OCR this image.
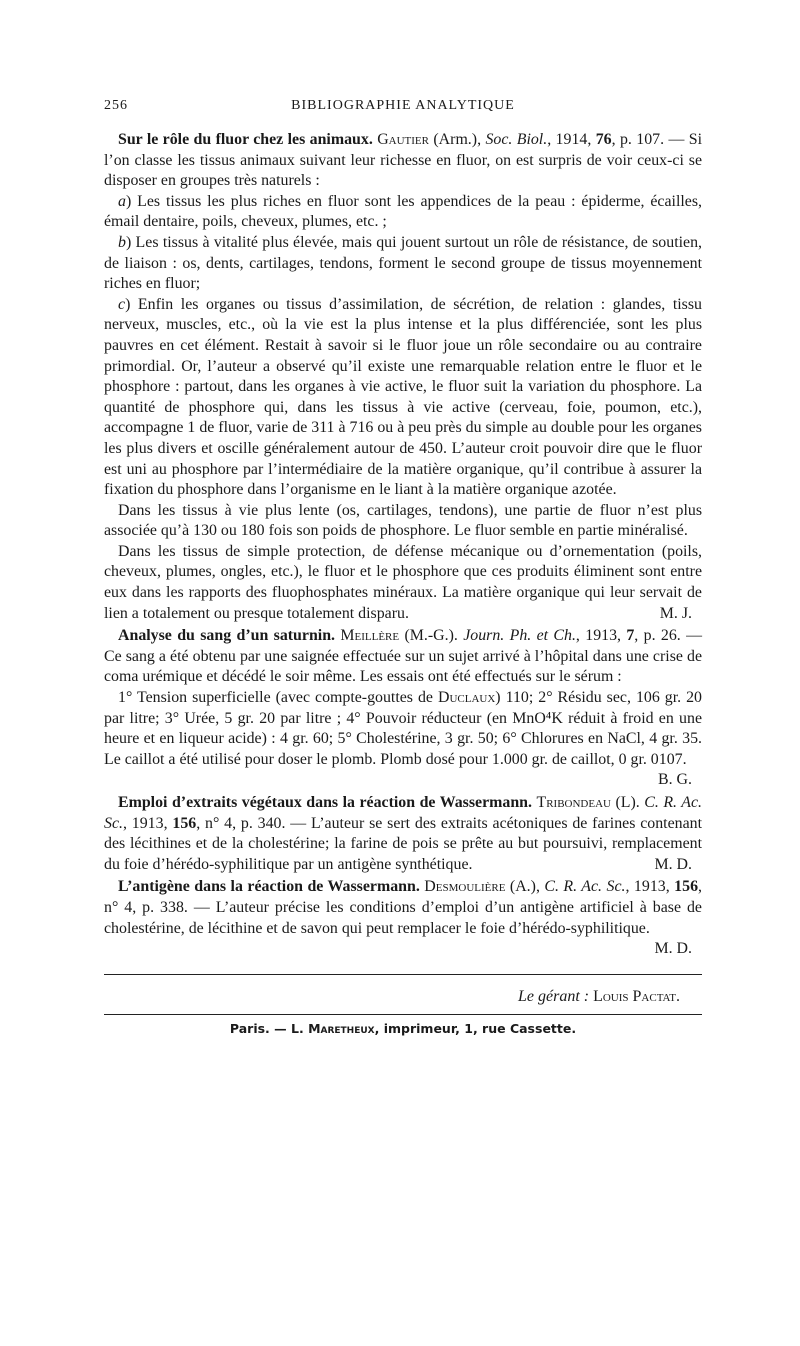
256	BIBLIOGRAPHIE ANALYTIQUE

Sur le rôle du fluor chez les animaux. Gautier (Arm.), Soc. Biol., 1914, 76, p. 107. — Si l’on classe les tissus animaux suivant leur richesse en fluor, on est surpris de voir ceux-ci se disposer en groupes très naturels :

a) Les tissus les plus riches en fluor sont les appendices de la peau : épiderme, écailles, émail dentaire, poils, cheveux, plumes, etc. ;

b) Les tissus à vitalité plus élevée, mais qui jouent surtout un rôle de résistance, de soutien, de liaison : os, dents, cartilages, tendons, forment le second groupe de tissus moyennement riches en fluor;

c) Enfin les organes ou tissus d’assimilation, de sécrétion, de relation : glandes, tissu nerveux, muscles, etc., où la vie est la plus intense et la plus différenciée, sont les plus pauvres en cet élément. Restait à savoir si le fluor joue un rôle secondaire ou au contraire primordial. Or, l’auteur a observé qu’il existe une remarquable relation entre le fluor et le phosphore : partout, dans les organes à vie active, le fluor suit la variation du phosphore. La quantité de phosphore qui, dans les tissus à vie active (cerveau, foie, poumon, etc.), accompagne 1 de fluor, varie de 311 à 716 ou à peu près du simple au double pour les organes les plus divers et oscille généralement autour de 450. L’auteur croit pouvoir dire que le fluor est uni au phosphore par l’intermédiaire de la matière organique, qu’il contribue à assurer la fixation du phosphore dans l’organisme en le liant à la matière organique azotée.

Dans les tissus à vie plus lente (os, cartilages, tendons), une partie de fluor n’est plus associée qu’à 130 ou 180 fois son poids de phosphore. Le fluor semble en partie minéralisé.

Dans les tissus de simple protection, de défense mécanique ou d’ornementation (poils, cheveux, plumes, ongles, etc.), le fluor et le phosphore que ces produits éliminent sont entre eux dans les rapports des fluophosphates minéraux. La matière organique qui leur servait de lien a totalement ou presque totalement disparu.	M. J.

Analyse du sang d’un saturnin. Meillère (M.-G.). Journ. Ph. et Ch., 1913, 7, p. 26. — Ce sang a été obtenu par une saignée effectuée sur un sujet arrivé à l’hôpital dans une crise de coma urémique et décédé le soir même. Les essais ont été effectués sur le sérum :

1° Tension superficielle (avec compte-gouttes de Duclaux) 110; 2° Résidu sec, 106 gr. 20 par litre; 3° Urée, 5 gr. 20 par litre ; 4° Pouvoir réducteur (en MnO⁴K réduit à froid en une heure et en liqueur acide) : 4 gr. 60; 5° Cholestérine, 3 gr. 50; 6° Chlorures en NaCl, 4 gr. 35. Le caillot a été utilisé pour doser le plomb. Plomb dosé pour 1.000 gr. de caillot, 0 gr. 0107.
B. G.

Emploi d’extraits végétaux dans la réaction de Wassermann. Tribondeau (L). C. R. Ac. Sc., 1913, 156, n° 4, p. 340. — L’auteur se sert des extraits acétoniques de farines contenant des lécithines et de la cholestérine; la farine de pois se prête au but poursuivi, remplacement du foie d’hérédo-syphilitique par un antigène synthétique.	M. D.

L’antigène dans la réaction de Wassermann. Desmoulière (A.), C. R. Ac. Sc., 1913, 156, n° 4, p. 338. — L’auteur précise les conditions d’emploi d’un antigène artificiel à base de cholestérine, de lécithine et de savon qui peut remplacer le foie d’hérédo-syphilitique.
M. D.

Le gérant : Louis Pactat.
Paris. — L. Maretheux, imprimeur, 1, rue Cassette.
